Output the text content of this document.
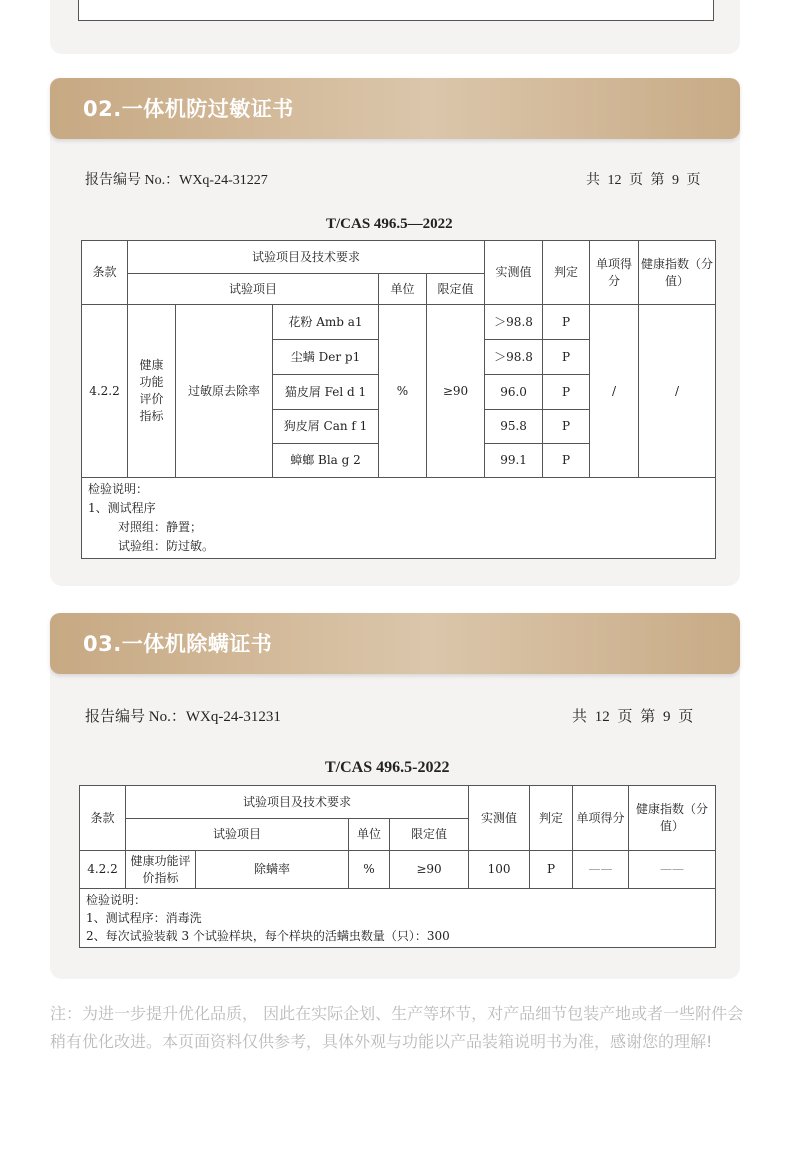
02.一体机防过敏证书
报告编号 No.：WXq-24-31227	共 12 页 第 9 页
T/CAS 496.5—2022
条款	试验项目及技术要求					实测值	判定	单项得分	健康指数（分值）
	试验项目			单位	限定值				
4.2.2	健康功能评价指标	过敏原去除率	花粉 Amb a1	%	≥90	＞98.8	P	/	/
			尘螨 Der p1			＞98.8	P		
			猫皮屑 Fel d 1			96.0	P		
			狗皮屑 Can f 1			95.8	P		
			蟑螂 Bla g 2			99.1	P		

检验说明：
1、测试程序
对照组：静置；
试验组：防过敏。									
03.一体机除螨证书
报告编号 No.：WXq-24-31231	共 12 页 第 9 页
T/CAS 496.5-2022
条款	试验项目及技术要求				实测值	判定	单项得分	健康指数（分值）
	试验项目		单位	限定值				
4.2.2	健康功能评价指标	除螨率	%	≥90	100	P	——	——

检验说明：
1、测试程序：消毒洗
2、每次试验装载 3 个试验样块，每个样块的活螨虫数量（只）：300								
注：为进一步提升优化品质， 因此在实际企划、生产等环节，对产品细节包装产地或者一些附件会稍有优化改进。本页面资料仅供参考，具体外观与功能以产品装箱说明书为准，感谢您的理解!
